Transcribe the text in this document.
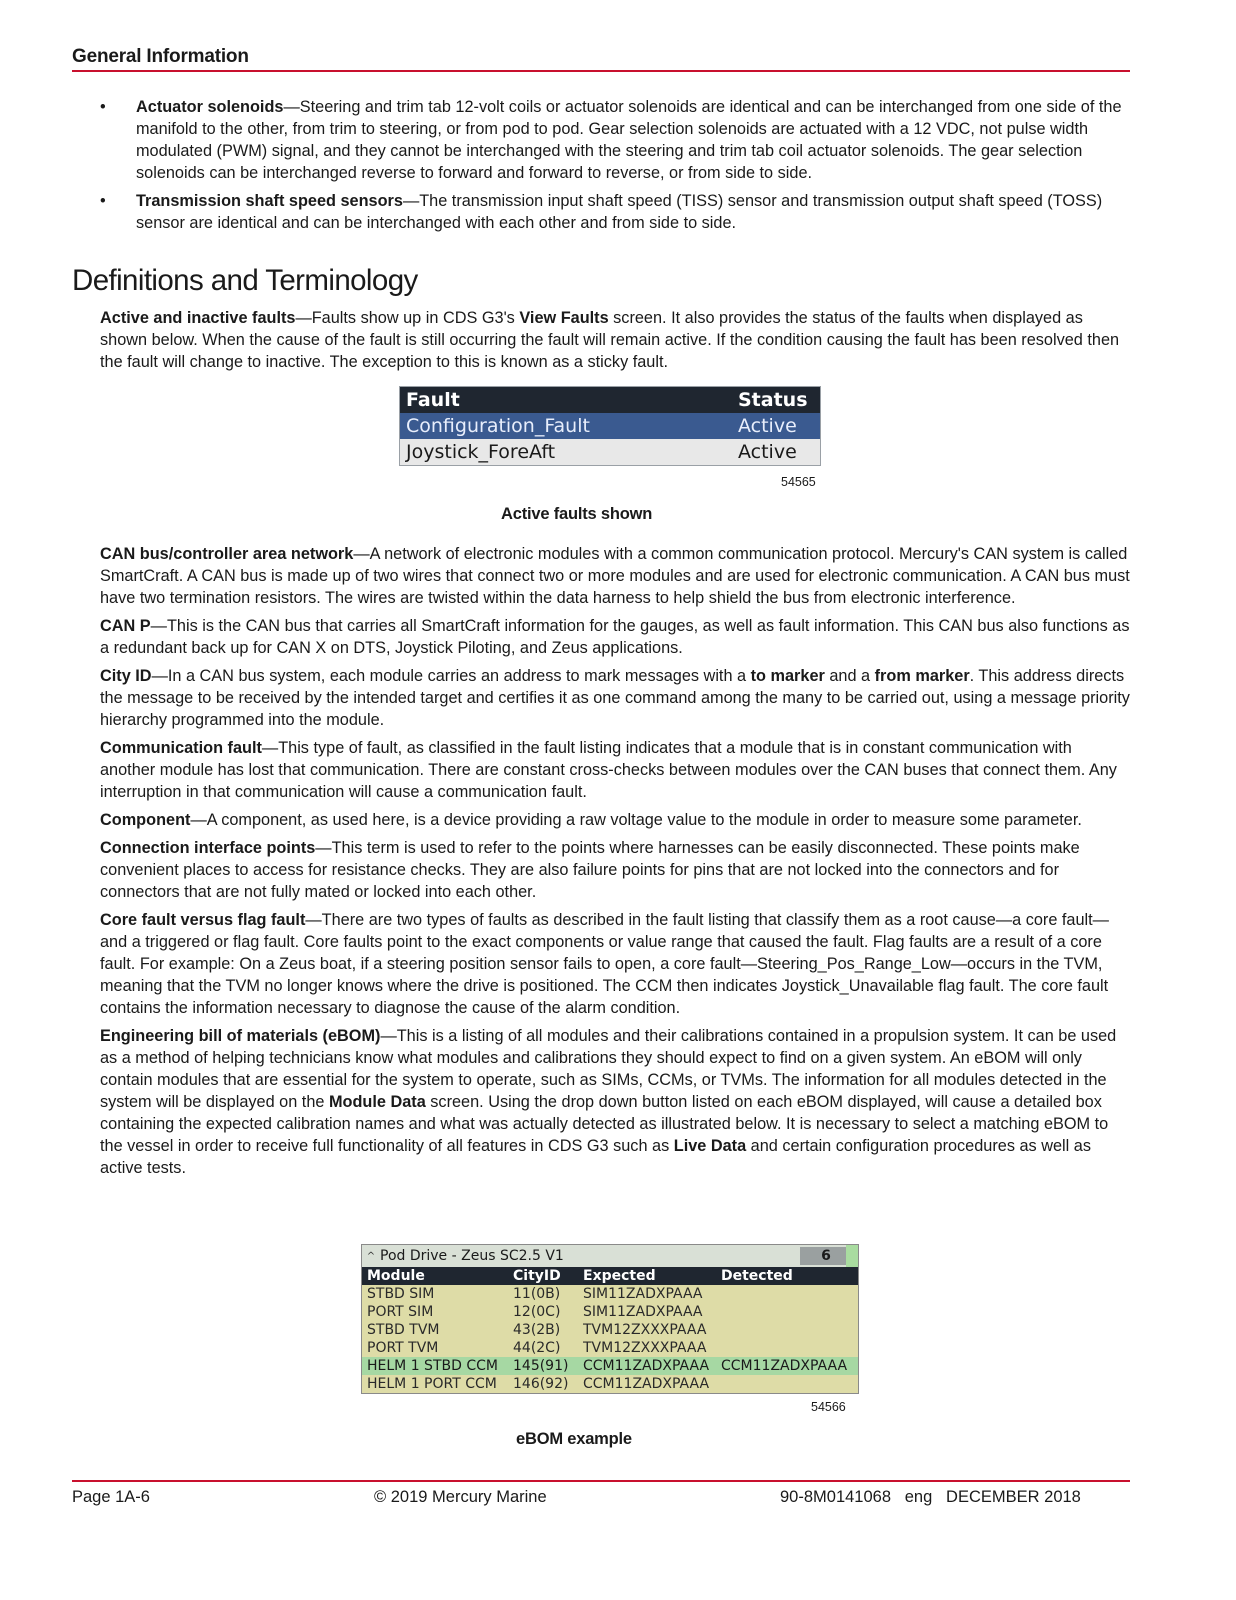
General Information
• Actuator solenoids—Steering and trim tab 12-volt coils or actuator solenoids are identical and can be interchanged from one side of the manifold to the other, from trim to steering, or from pod to pod. Gear selection solenoids are actuated with a 12 VDC, not pulse width modulated (PWM) signal, and they cannot be interchanged with the steering and trim tab coil actuator solenoids. The gear selection solenoids can be interchanged reverse to forward and forward to reverse, or from side to side.
• Transmission shaft speed sensors—The transmission input shaft speed (TISS) sensor and transmission output shaft speed (TOSS) sensor are identical and can be interchanged with each other and from side to side.
Definitions and Terminology

Active and inactive faults—Faults show up in CDS G3's View Faults screen. It also provides the status of the faults when displayed as shown below. When the cause of the fault is still occurring the fault will remain active. If the condition causing the fault has been resolved then the fault will change to inactive. The exception to this is known as a sticky fault.

Fault	Status
Configuration_Fault	Active
Joystick_ForeAft	Active
54565
Active faults shown

CAN bus/controller area network—A network of electronic modules with a common communication protocol. Mercury's CAN system is called SmartCraft. A CAN bus is made up of two wires that connect two or more modules and are used for electronic communication. A CAN bus must have two termination resistors. The wires are twisted within the data harness to help shield the bus from electronic interference.

CAN P—This is the CAN bus that carries all SmartCraft information for the gauges, as well as fault information. This CAN bus also functions as a redundant back up for CAN X on DTS, Joystick Piloting, and Zeus applications.

City ID—In a CAN bus system, each module carries an address to mark messages with a to marker and a from marker. This address directs the message to be received by the intended target and certifies it as one command among the many to be carried out, using a message priority hierarchy programmed into the module.

Communication fault—This type of fault, as classified in the fault listing indicates that a module that is in constant communication with another module has lost that communication. There are constant cross-checks between modules over the CAN buses that connect them. Any interruption in that communication will cause a communication fault.

Component—A component, as used here, is a device providing a raw voltage value to the module in order to measure some parameter.

Connection interface points—This term is used to refer to the points where harnesses can be easily disconnected. These points make convenient places to access for resistance checks. They are also failure points for pins that are not locked into the connectors and for connectors that are not fully mated or locked into each other.

Core fault versus flag fault—There are two types of faults as described in the fault listing that classify them as a root cause—a core fault—and a triggered or flag fault. Core faults point to the exact components or value range that caused the fault. Flag faults are a result of a core fault. For example: On a Zeus boat, if a steering position sensor fails to open, a core fault—Steering_Pos_Range_Low—occurs in the TVM, meaning that the TVM no longer knows where the drive is positioned. The CCM then indicates Joystick_Unavailable flag fault. The core fault contains the information necessary to diagnose the cause of the alarm condition.

Engineering bill of materials (eBOM)—This is a listing of all modules and their calibrations contained in a propulsion system. It can be used as a method of helping technicians know what modules and calibrations they should expect to find on a given system. An eBOM will only contain modules that are essential for the system to operate, such as SIMs, CCMs, or TVMs. The information for all modules detected in the system will be displayed on the Module Data screen. Using the drop down button listed on each eBOM displayed, will cause a detailed box containing the expected calibration names and what was actually detected as illustrated below. It is necessary to select a matching eBOM to the vessel in order to receive full functionality of all features in CDS G3 such as Live Data and certain configuration procedures as well as active tests.

^ Pod Drive - Zeus SC2.5 V1	6
Module	CityID	Expected	Detected
STBD SIM	11(0B)	SIM11ZADXPAAA
PORT SIM	12(0C)	SIM11ZADXPAAA
STBD TVM	43(2B)	TVM12ZXXXPAAA
PORT TVM	44(2C)	TVM12ZXXXPAAA
HELM 1 STBD CCM	145(91)	CCM11ZADXPAAA CCM11ZADXPAAA
HELM 1 PORT CCM	146(92)	CCM11ZADXPAAA
54566
eBOM example
Page 1A-6	© 2019 Mercury Marine	90-8M0141068   eng   DECEMBER 2018
